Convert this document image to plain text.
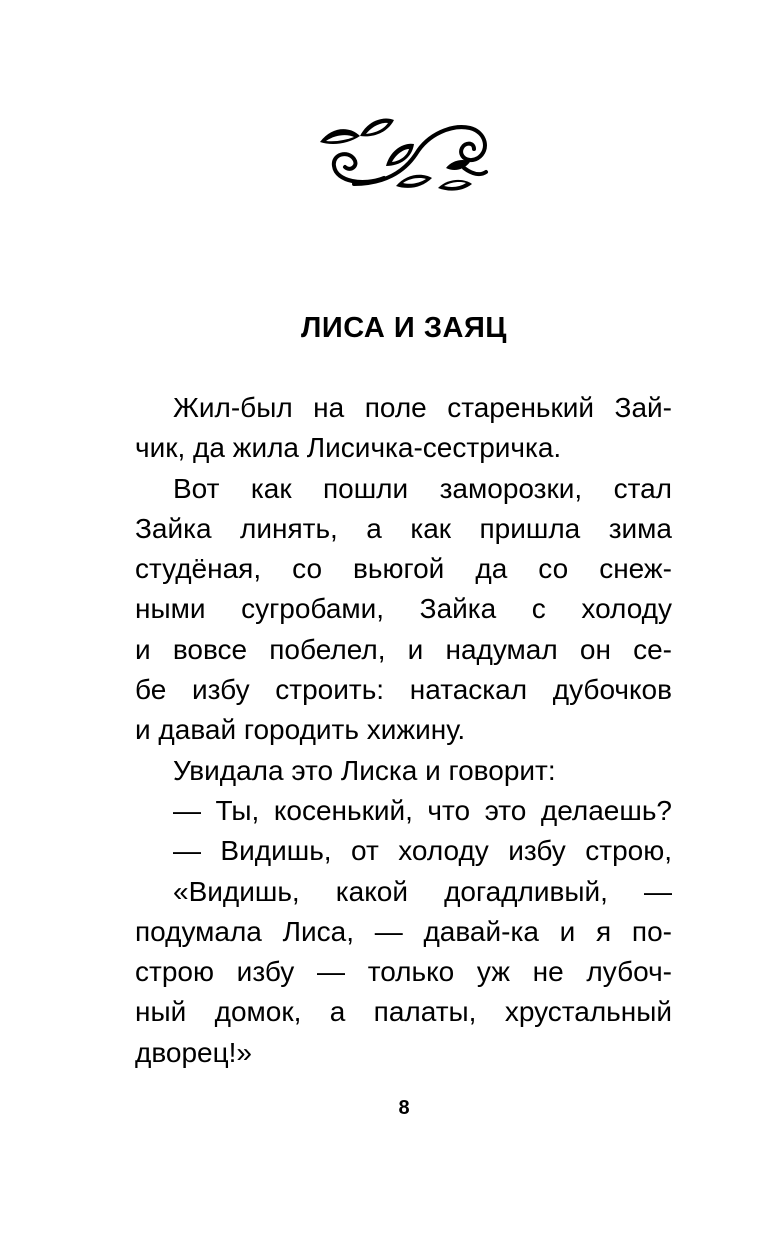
ЛИСА И ЗАЯЦ
Жил-был на поле старенький Зай-
чик, да жила Лисичка-сестричка.
Вот как пошли заморозки, стал
Зайка линять, а как пришла зима
студёная, со вьюгой да со снеж-
ными сугробами, Зайка с холоду
и вовсе побелел, и надумал он се-
бе избу строить: натаскал дубочков
и давай городить хижину.
Увидала это Лиска и говорит:
— Ты, косенький, что это делаешь?
— Видишь, от холоду избу строю,
«Видишь, какой догадливый, —
подумала Лиса, — давай-ка и я по-
строю избу — только уж не лубоч-
ный домок, а палаты, хрустальный
дворец!»
8
